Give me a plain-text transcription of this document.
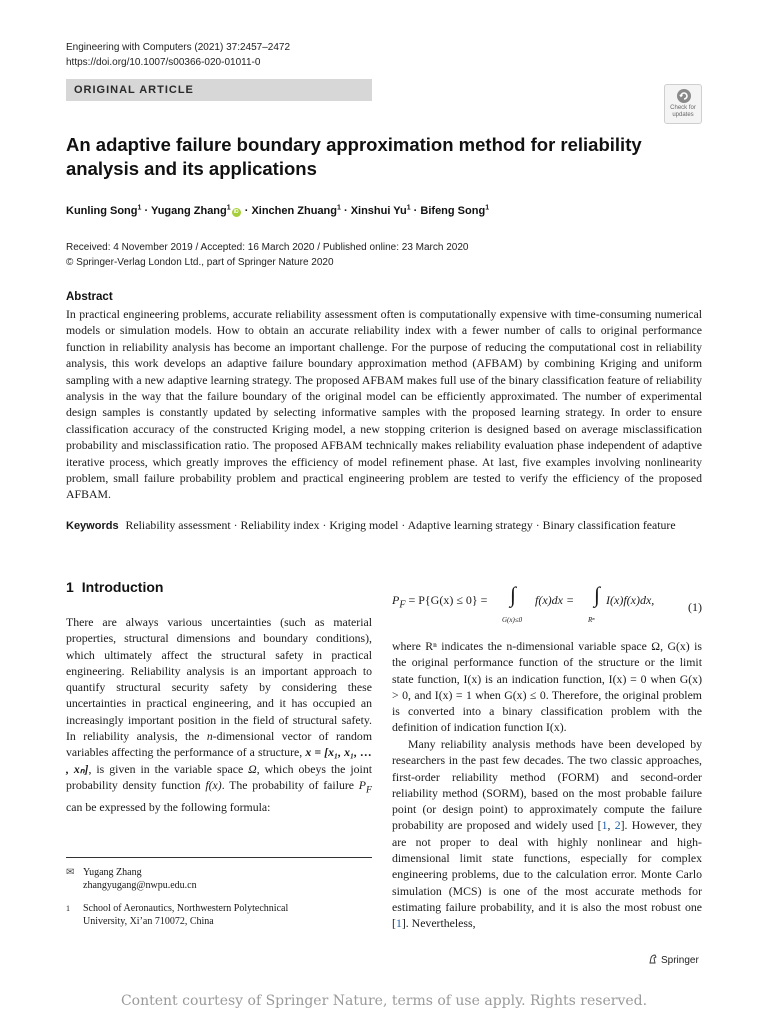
Engineering with Computers (2021) 37:2457–2472
https://doi.org/10.1007/s00366-020-01011-0
ORIGINAL ARTICLE
Check for
updates
An adaptive failure boundary approximation method for reliability analysis and its applications
Kunling Song$^1$ · Yugang Zhang$^1$iD · Xinchen Zhuang$^1$ · Xinshui $Yu^1$ · Bifeng Song$^1$
Received: 4 November 2019 / Accepted: 16 March 2020 / Published online: 23 March 2020
© Springer-Verlag London Ltd., part of Springer Nature 2020
Abstract

In practical engineering problems, accurate reliability assessment often is computationally expensive with time-consuming numerical models or simulation models. How to obtain an accurate reliability index with a fewer number of calls to original performance function in reliability analysis has become an important challenge. For the purpose of reducing the computational cost in reliability analysis, this work develops an adaptive failure boundary approximation method (AFBAM) by combining Kriging and uniform sampling with a new adaptive learning strategy. The proposed AFBAM makes full use of the binary classification feature of reliability analysis in the way that the failure boundary of the original model can be efficiently approximated. The number of experimental design samples is constantly updated by selecting informative samples with the proposed learning strategy. In order to ensure classification accuracy of the constructed Kriging model, a new stopping criterion is designed based on average misclassification probability and misclassification ratio. The proposed AFBAM technically makes reliability evaluation phase independent of adaptive iterative process, which greatly improves the efficiency of model refinement phase. At last, five examples involving nonlinearity problem, small failure probability problem and practical engineering problem are tested to verify the efficiency of the proposed AFBAM.

Keywords Reliability assessment · Reliability index · Kriging model · Adaptive learning strategy · Binary classification feature
1 Introduction

There are always various uncertainties (such as material properties, structural dimensions and boundary conditions), which ultimately affect the structural safety in practical engineering. Reliability analysis is an important approach to quantify structural security safety by considering these uncertainties in practical engineering, and it has occupied an increasingly important position in the field of structural safety. In reliability analysis, the n-dimensional vector of random variables affecting the performance of a structure, x = [x₁, x₁, … , xₙ], is given in the variable space Ω, which obeys the joint probability density function f(x). The probability of failure $P_F$ can be expressed by the following formula:

✉ Yugang Zhang
zhangyugang@nwpu.edu.cn
1 School of Aeronautics, Northwestern Polytechnical
University, Xi’an 710072, China
$P_F = P\{G(x) \le 0\}$ = ∫
G(x)≤0
f(x)dx = ∫
Rⁿ
I(x)f(x)dx,	(1)

where Rⁿ indicates the n-dimensional variable space Ω, G(x) is the original performance function of the structure or the limit state function, I(x) is an indication function, I(x) = 0 when G(x) > 0, and I(x) = 1 when G(x) ≤ 0. Therefore, the original problem is converted into a binary classification problem with the definition of indication function I(x).

Many reliability analysis methods have been developed by researchers in the past few decades. The two classic approaches, first-order reliability method (FORM) and second-order reliability method (SORM), based on the most probable failure point (or design point) to approximately compute the failure probability are proposed and widely used [1, 2]. However, they are not proper to deal with highly nonlinear and high-dimensional limit state functions, especially for complex engineering problems, due to the calculation error. Monte Carlo simulation (MCS) is one of the most accurate methods for estimating failure probability, and it is also the most robust one [1]. Nevertheless,

Springer
Content courtesy of Springer Nature, terms of use apply. Rights reserved.
